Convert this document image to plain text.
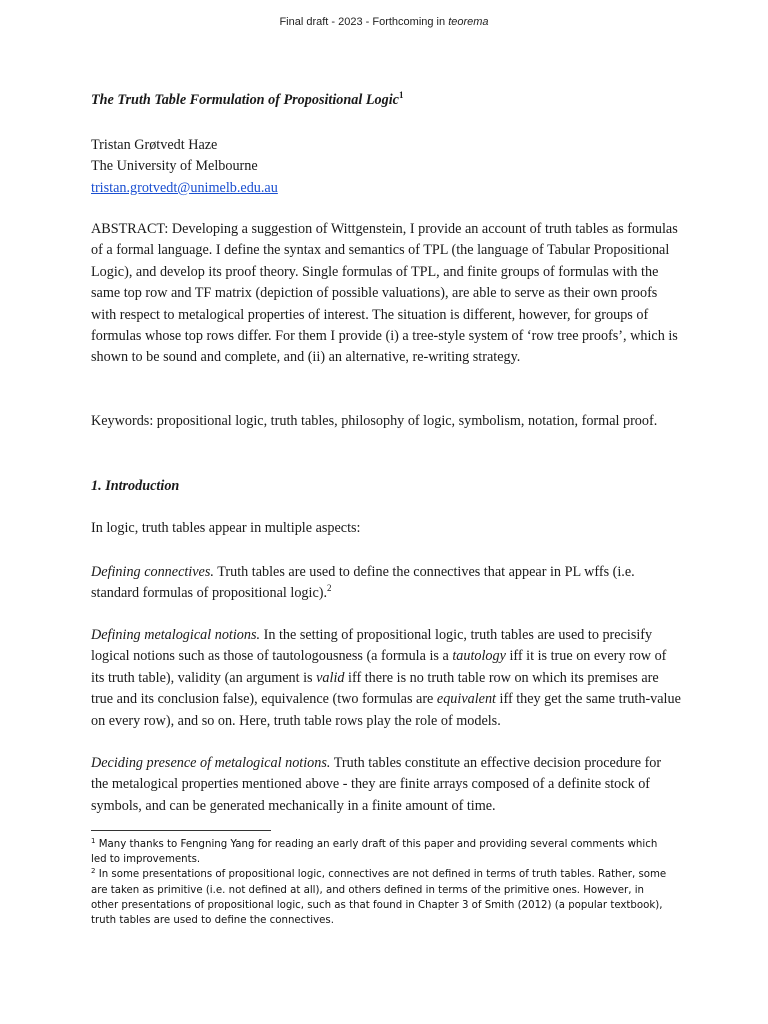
Final draft - 2023 - Forthcoming in teorema
The Truth Table Formulation of Propositional Logic$^1$
Tristan Grøtvedt Haze
The University of Melbourne
tristan.grotvedt@unimelb.edu.au

ABSTRACT: Developing a suggestion of Wittgenstein, I provide an account of truth tables as formulas of a formal language. I define the syntax and semantics of TPL (the language of Tabular Propositional Logic), and develop its proof theory. Single formulas of TPL, and finite groups of formulas with the same top row and TF matrix (depiction of possible valuations), are able to serve as their own proofs with respect to metalogical properties of interest. The situation is different, however, for groups of formulas whose top rows differ. For them I provide (i) a tree-style system of ‘row tree proofs’, which is shown to be sound and complete, and (ii) an alternative, re-writing strategy.

Keywords: propositional logic, truth tables, philosophy of logic, symbolism, notation, formal proof.

1. Introduction

In logic, truth tables appear in multiple aspects:

Defining connectives. Truth tables are used to define the connectives that appear in PL wffs (i.e. standard formulas of propositional logic).$^2$

Defining metalogical notions. In the setting of propositional logic, truth tables are used to precisify logical notions such as those of tautologousness (a formula is a tautology iff it is true on every row of its truth table), validity (an argument is valid iff there is no truth table row on which its premises are true and its conclusion false), equivalence (two formulas are equivalent iff they get the same truth-value on every row), and so on. Here, truth table rows play the role of models.

Deciding presence of metalogical notions. Truth tables constitute an effective decision procedure for the metalogical properties mentioned above - they are finite arrays composed of a definite stock of symbols, and can be generated mechanically in a finite amount of time.

$^1$ Many thanks to Fengning Yang for reading an early draft of this paper and providing several comments which led to improvements.

$^2$ In some presentations of propositional logic, connectives are not defined in terms of truth tables. Rather, some are taken as primitive (i.e. not defined at all), and others defined in terms of the primitive ones. However, in other presentations of propositional logic, such as that found in Chapter 3 of Smith (2012) (a popular textbook), truth tables are used to define the connectives.
